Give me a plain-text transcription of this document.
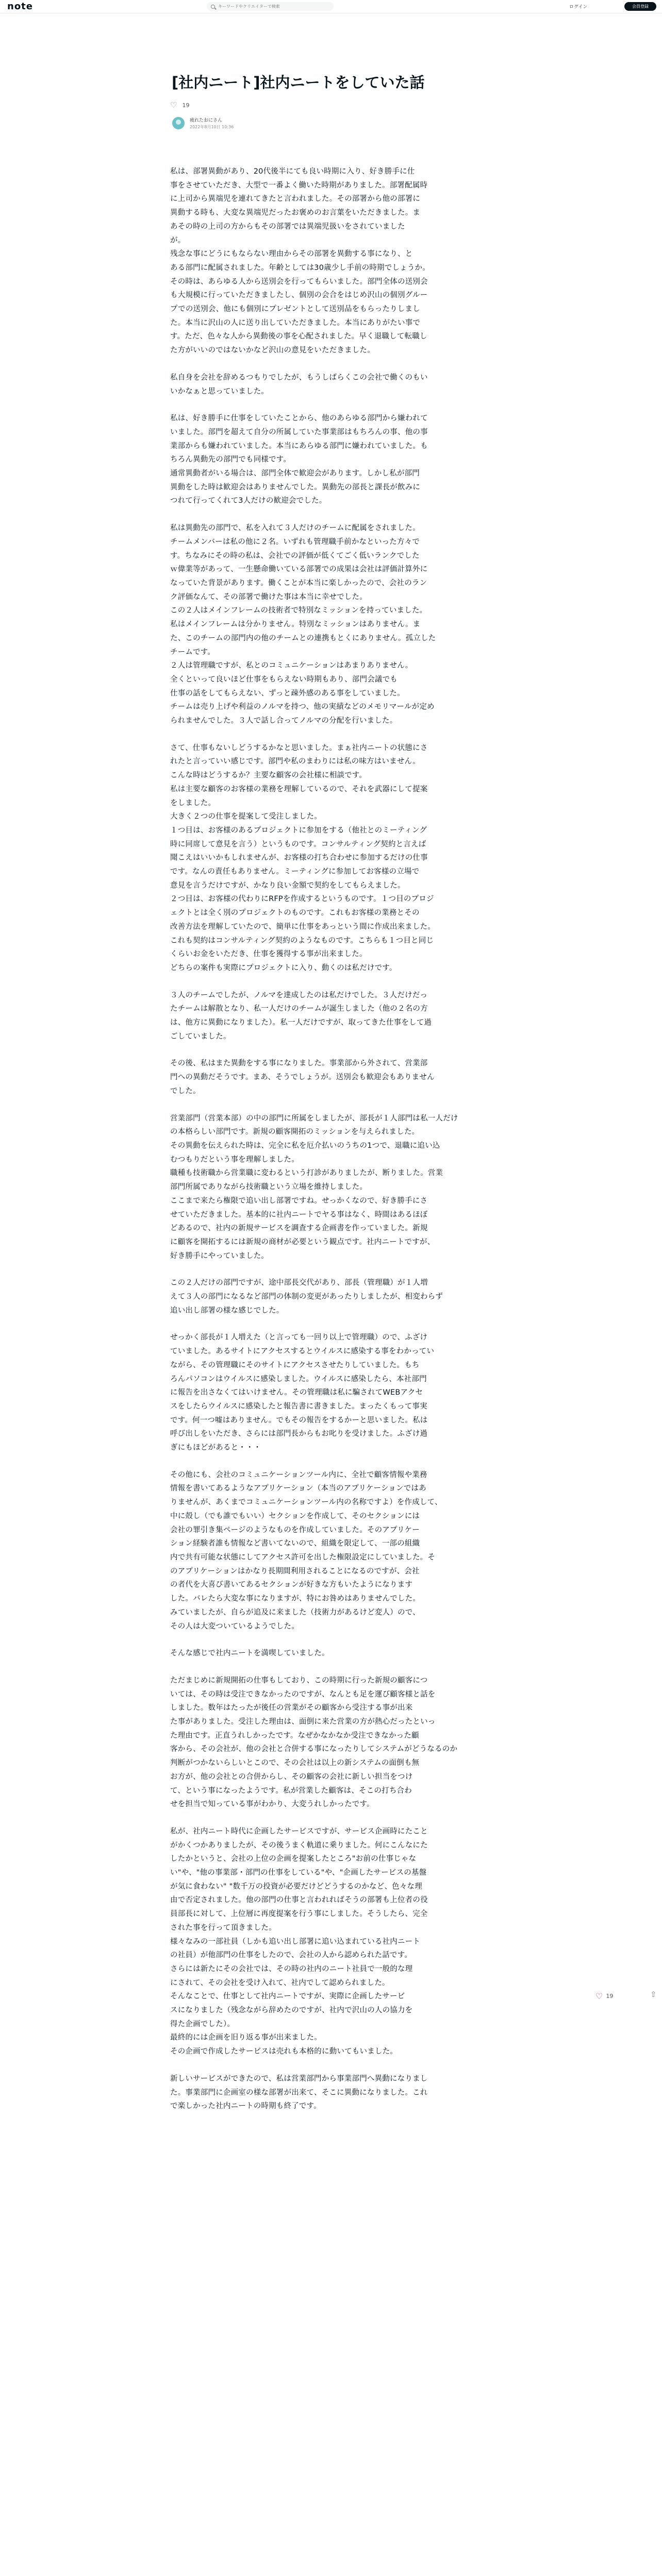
note
キーワードやクリエイターで検索	ログイン	会員登録
[社内ニート]社内ニートをしていた話
♡ 19
疲れたおにさん
2022年8月10日 10:36
私は、部署異動があり、20代後半にても良い時期に入り、好き勝手に仕
事をさせていただき、大型で一番よく働いた時期がありました。部署配属時
に上司から異端児を連れてきたと言われました。その部署から他の部署に
異動する時も、大変な異端児だったお褒めのお言葉をいただきました。ま
あその時の上司の方からもその部署では異端児扱いをされていました
が。
残念な事にどうにもならない理由からその部署を異動する事になり、と
ある部門に配属されました。年齢としては30歳少し手前の時期でしょうか。
その時は、あらゆる人から送別会を行ってもらいました。部門全体の送別会
も大規模に行っていただきましたし、個別の会合をはじめ沢山の個別グルー
プでの送別会、他にも個別にプレゼントとして送別品をもらったりしまし
た。本当に沢山の人に送り出していただきました。本当にありがたい事で
す。ただ、色々な人から異動後の事を心配されました。早く退職して転職し
た方がいいのではないかなど沢山の意見をいただきました。
私自身を会社を辞めるつもりでしたが、もうしばらくこの会社で働くのもい
いかなぁと思っていました。
私は、好き勝手に仕事をしていたことから、他のあらゆる部門から嫌われて
いました。部門を超えて自分の所属していた事業部はもちろんの事、他の事
業部からも嫌われていました。本当にあらゆる部門に嫌われていました。も
ちろん異動先の部門でも同様です。
通常異動者がいる場合は、部門全体で歓迎会があります。しかし私が部門
異動をした時は歓迎会はありませんでした。異動先の部長と課長が飲みに
つれて行ってくれて3人だけの歓迎会でした。
私は異動先の部門で、私を入れて３人だけのチームに配属をされました。
チームメンバーは私の他に２名。いずれも管理職手前かなといった方々で
す。ちなみにその時の私は、会社での評価が低くてごく低いランクでした
ｗ偉業等があって、一生懸命働いている部署での成果は会社は評価計算外に
なっていた背景があります。働くことが本当に楽しかったので、会社のラン
ク評価なんて、その部署で働けた事は本当に幸せでした。
この２人はメインフレームの技術者で特別なミッションを持っていました。
私はメインフレームは分かりません。特別なミッションはありません。ま
た、このチームの部門内の他のチームとの連携もとくにありません。孤立した
チームです。
２人は管理職ですが、私とのコミュニケーションはあまりありません。
全くといって良いほど仕事をもらえない時期もあり、部門会議でも
仕事の話をしてもらえない、ずっと疎外感のある事をしていました。
チームは売り上げや利益のノルマを持つ、他の実績などのメモリマールが定め
られませんでした。３人で話し合ってノルマの分配を行いました。
さて、仕事もないしどうするかなと思いました。まぁ社内ニートの状態にさ
れたと言っていい感じです。部門や私のまわりには私の味方はいません。
こんな時はどうするか？主要な顧客の会社様に相談です。
私は主要な顧客のお客様の業務を理解しているので、それを武器にして提案
をしました。
大きく２つの仕事を提案して受注しました。
１つ目は、お客様のあるプロジェクトに参加をする（他社とのミーティング
時に同席して意見を言う）というものです。コンサルティング契約と言えば
聞こえはいいかもしれませんが、お客様の打ち合わせに参加するだけの仕事
です。なんの責任もありません。ミーティングに参加してお客様の立場で
意見を言うだけですが、かなり良い金額で契約をしてもらえました。
２つ目は、お客様の代わりにRFPを作成するというものです。１つ目のプロジ
ェクトとは全く別のプロジェクトのものです。これもお客様の業務とその
改善方法を理解していたので、簡単に仕事をあっという間に作成出来ました。
これも契約はコンサルティング契約のようなものです。こちらも１つ目と同じ
くらいお金をいただき、仕事を獲得する事が出来ました。
どちらの案件も実際にプロジェクトに入り、動くのは私だけです。
３人のチームでしたが、ノルマを達成したのは私だけでした。３人だけだっ
たチームは解散となり、私一人だけのチームが誕生しました（他の２名の方
は、他方に異動になりました）。私一人だけですが、取ってきた仕事をして過
ごしていました。
その後、私はまた異動をする事になりました。事業部から外されて、営業部
門への異動だそうです。まあ、そうでしょうが。送別会も歓迎会もありません
でした。
営業部門（営業本部）の中の部門に所属をしましたが、部長が１人部門は私一人だけ
の本格らしい部門です。新規の顧客開拓のミッションを与えられました。
その異動を伝えられた時は、完全に私を厄介払いのうちの1つで、退職に追い込
むつもりだという事を理解しました。
職種も技術職から営業職に変わるという打診がありましたが、断りました。営業
部門所属でありながら技術職という立場を維持しました。
ここまで来たら権限で追い出し部署ですね。せっかくなので、好き勝手にさ
せていただきました。基本的に社内ニートでヤる事はなく、時間はあるほぼ
どあるので、社内の新規サービスを調査する企画書を作っていました。新規
に顧客を開拓するには新規の商材が必要という観点です。社内ニートですが、
好き勝手にやっていました。
この２人だけの部門ですが、途中部長交代があり、部長（管理職）が１人増
えて３人の部門になるなど部門の体制の変更があったりしましたが、相変わらず
追い出し部署の様な感じでした。
せっかく部長が１人増えた（と言っても一回り以上で管理職）ので、ふざけ
ていました。あるサイトにアクセスするとウイルスに感染する事をわかってい
ながら、その管理職にそのサイトにアクセスさせたりしていました。もち
ろんパソコンはウイルスに感染しました。ウイルスに感染したら、本社部門
に報告を出さなくてはいけません。その管理職は私に騙されてWEBアクセ
スをしたらウイルスに感染したと報告書に書きました。まったくもって事実
です。何一つ嘘はありません。でもその報告をするかーと思いました。私は
呼び出しをいただき、さらには部門長からもお叱りを受けました。ふざけ過
ぎにもほどがあると・・・
その他にも、会社のコミュニケーションツール内に、全社で顧客情報や業務
情報を書いてあるようなアプリケーション（本当のアプリケーションではあ
りませんが、あくまでコミュニケーションツール内の名称ですよ）を作成して、
中に殻し（でも誰でもいい）セクションを作成して、そのセクションには
会社の罪引き集ページのようなものを作成していました。そのアプリケー
ション経験者誰も情報など書いてないので、組織を限定して、一部の組織
内で共有可能な状態にしてアクセス許可を出した権限設定にしていました。そ
のアプリケーションはかなり長期間利用されることになるのですが、会社
の者代を大喜び書いてあるセクションが好きな方もいたようになります
した。バレたら大変な事になりますが、特にお咎めはありませんでした。
みていましたが、自らが追及に来ました（技術力があるけど変人）ので、
その人は大変ついているようでした。
そんな感じで社内ニートを満喫していました。
ただまじめに新規開拓の仕事もしており、この時期に行った新規の顧客につ
いては、その時は受注できなかったのですが、なんとも足を運び顧客様と話を
しました。数年はたったが後任の営業がその顧客から受注する事が出来
た事がありました。受注した理由は、面倒に来た営業の方が熱心だったといっ
た理由です。正直うれしかったです。なぜかなかなか受注できなかった顧
客から、その会社が、他の会社と合併する事になったりしてシステムがどうなるのか
判断がつかないらしいとこので、その会社は以上の新システムの面倒も無
お方が、他の会社との合併からし、その顧客の会社に新しい担当をつけ
て、という事になったようです。私が営業した顧客は、そこの打ち合わ
せを担当で知っている事がわかり、大変うれしかったです。
私が、社内ニート時代に企画したサービスですが、サービス企画時にたこと
がかくつかありましたが、その後うまく軌道に乗りました。何にこんなにた
したかというと、会社の上位の企画を提案したところ"お前の仕事じゃな
い"や、"他の事業部・部門の仕事をしている"や、"企画したサービスの基盤
が気に食わない" "数千万の投資が必要だけどどうするのかなど、色々な理
由で否定されました。他の部門の仕事と言われればそうの部署も上位者の役
員部長に対して、上位層に再度提案を行う事にしました。そうしたら、完全
された事を行って頂きました。
様々なみの一部社員（しかも追い出し部署に追い込まれている社内ニート
の社員）が他部門の仕事をしたので、会社の人から認められた話です。
さらには新たにその会社では、その時の社内のニート社員で一般的な理
にされて、その会社を受け入れて、社内でして認められました。
そんなことで、仕事として社内ニートですが、実際に企画したサービ
スになりました（残念ながら辞めたのですが、社内で沢山の人の協力を
得た企画でした）。
最終的には企画を旧り返る事が出来ました。
その企画で作成したサービスは売れも本格的に動いてもいました。
新しいサービスができたので、私は営業部門から事業部門へ異動になりまし
た。事業部門に企画室の様な部署が出来て、そこに異動になりました。これ
で楽しかった社内ニートの時期も終了です。
♡ 19	⇧
